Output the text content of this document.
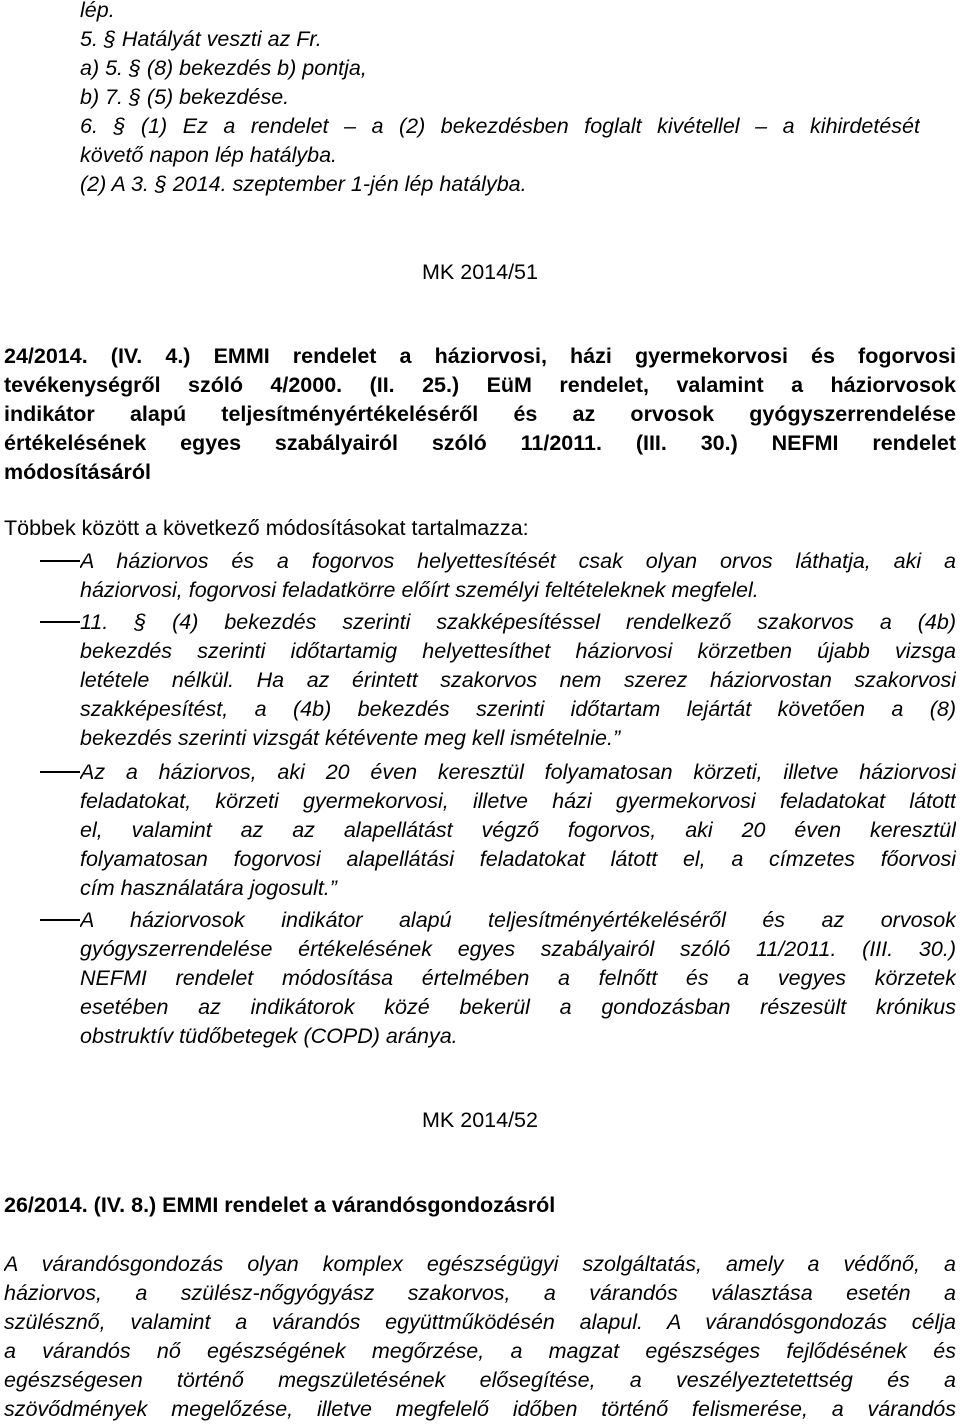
lép.
5. § Hatályát veszti az Fr.
a) 5. § (8) bekezdés b) pontja,
b) 7. § (5) bekezdése.
6. § (1) Ez a rendelet – a (2) bekezdésben foglalt kivétellel – a kihirdetését
követő napon lép hatályba.
(2) A 3. § 2014. szeptember 1-jén lép hatályba.
MK 2014/51
24/2014. (IV. 4.) EMMI rendelet a háziorvosi, házi gyermekorvosi és fogorvosi
tevékenységről szóló 4/2000. (II. 25.) EüM rendelet, valamint a háziorvosok
indikátor alapú teljesítményértékeléséről és az orvosok gyógyszerrendelése
értékelésének egyes szabályairól szóló 11/2011. (III. 30.) NEFMI rendelet
módosításáról
Többek között a következő módosításokat tartalmazza:
A háziorvos és a fogorvos helyettesítését csak olyan orvos láthatja, aki a
háziorvosi, fogorvosi feladatkörre előírt személyi feltételeknek megfelel.
11. § (4) bekezdés szerinti szakképesítéssel rendelkező szakorvos a (4b)
bekezdés szerinti időtartamig helyettesíthet háziorvosi körzetben újabb vizsga
letétele nélkül. Ha az érintett szakorvos nem szerez háziorvostan szakorvosi
szakképesítést, a (4b) bekezdés szerinti időtartam lejártát követően a (8)
bekezdés szerinti vizsgát kétévente meg kell ismételnie.”
Az a háziorvos, aki 20 éven keresztül folyamatosan körzeti, illetve háziorvosi
feladatokat, körzeti gyermekorvosi, illetve házi gyermekorvosi feladatokat látott
el, valamint az az alapellátást végző fogorvos, aki 20 éven keresztül
folyamatosan fogorvosi alapellátási feladatokat látott el, a címzetes főorvosi
cím használatára jogosult.”
A háziorvosok indikátor alapú teljesítményértékeléséről és az orvosok
gyógyszerrendelése értékelésének egyes szabályairól szóló 11/2011. (III. 30.)
NEFMI rendelet módosítása értelmében a felnőtt és a vegyes körzetek
esetében az indikátorok közé bekerül a gondozásban részesült krónikus
obstruktív tüdőbetegek (COPD) aránya.
MK 2014/52
26/2014. (IV. 8.) EMMI rendelet a várandósgondozásról
A várandósgondozás olyan komplex egészségügyi szolgáltatás, amely a védőnő, a
háziorvos, a szülész-nőgyógyász szakorvos, a várandós választása esetén a
szülésznő, valamint a várandós együttműködésén alapul. A várandósgondozás célja
a várandós nő egészségének megőrzése, a magzat egészséges fejlődésének és
egészségesen történő megszületésének elősegítése, a veszélyeztetettség és a
szövődmények megelőzése, illetve megfelelő időben történő felismerése, a várandós
